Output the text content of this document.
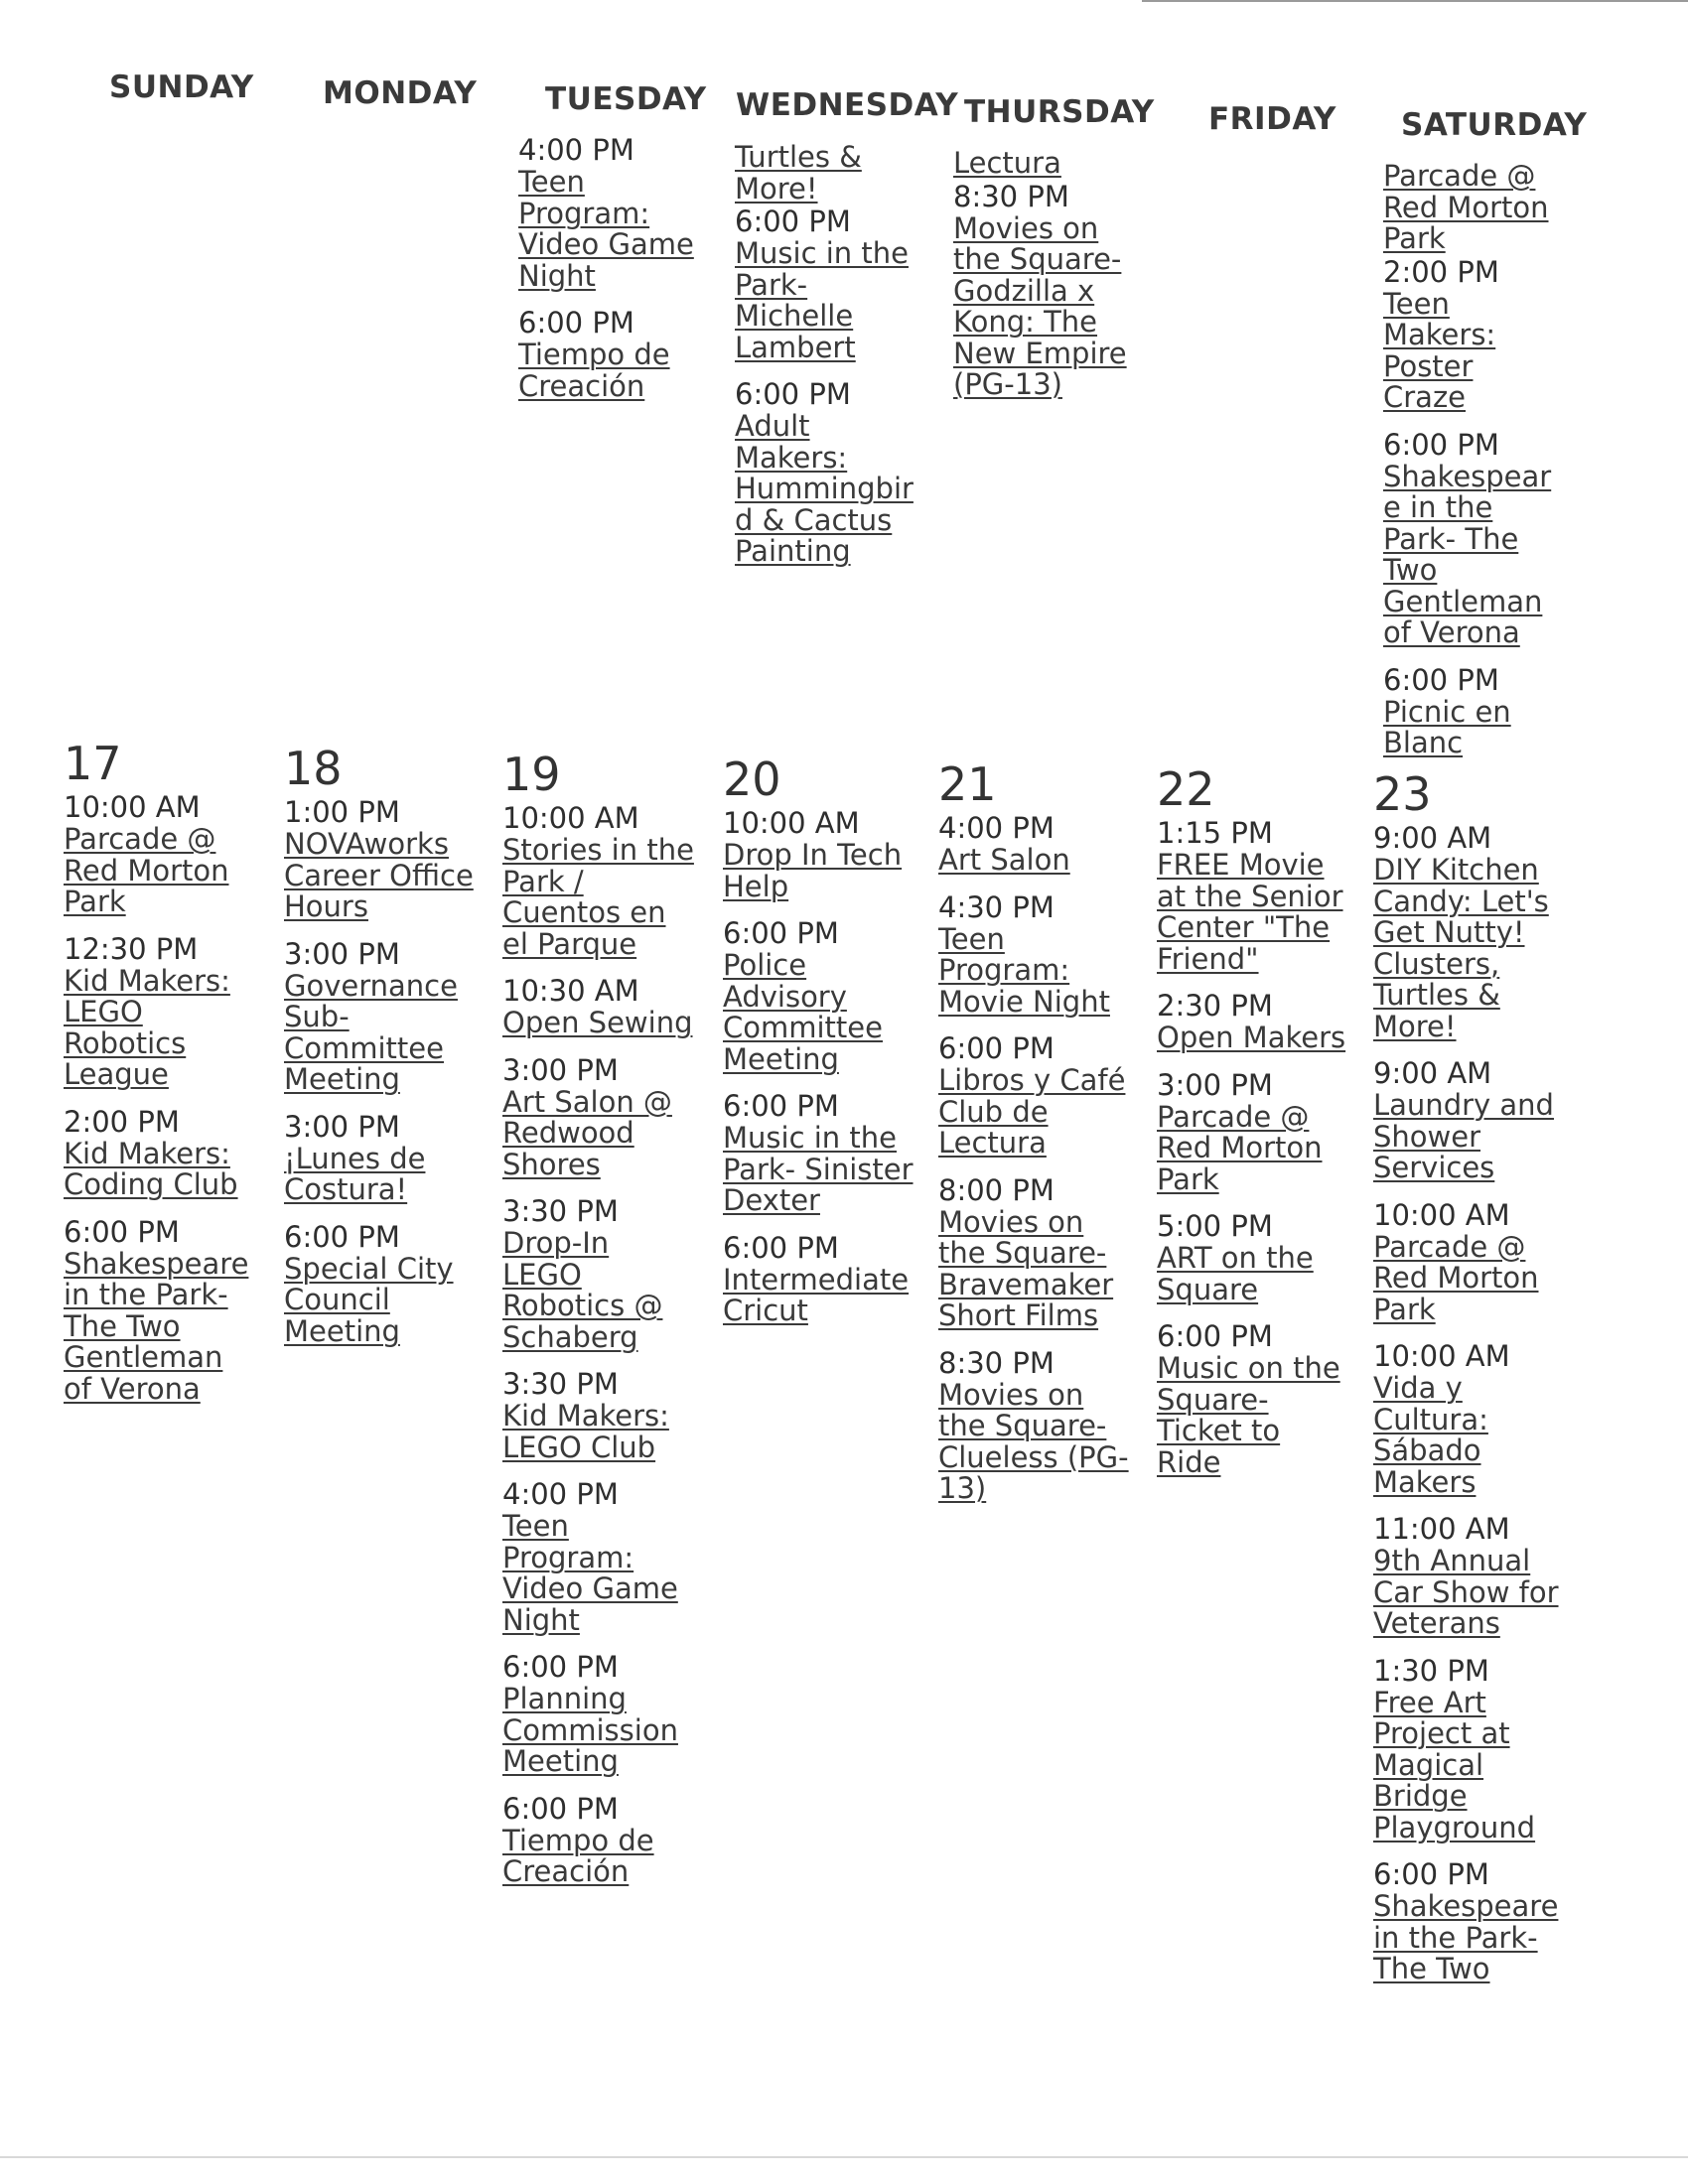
SUNDAY MONDAY TUESDAY WEDNESDAY THURSDAY FRIDAY SATURDAY
4:00 PM
Teen Program: Video Game Night
6:00 PM
Tiempo de Creación
Turtles & More!
6:00 PM
Music in the Park- Michelle Lambert
6:00 PM
Adult Makers: Hummingbird & Cactus Painting
Lectura
8:30 PM
Movies on the Square- Godzilla x Kong: The New Empire (PG-13)
Parcade @ Red Morton Park
2:00 PM
Teen Makers: Poster Craze
6:00 PM
Shakespeare in the Park- The Two Gentleman of Verona
6:00 PM
Picnic en Blanc
17
10:00 AM
Parcade @ Red Morton Park
12:30 PM
Kid Makers: LEGO Robotics League
2:00 PM
Kid Makers: Coding Club
6:00 PM
Shakespeare in the Park- The Two Gentleman of Verona
18
1:00 PM
NOVAworks Career Office Hours
3:00 PM
Governance Sub-Committee Meeting
3:00 PM
¡Lunes de Costura!
6:00 PM
Special City Council Meeting
19
10:00 AM
Stories in the Park / Cuentos en el Parque
10:30 AM
Open Sewing
3:00 PM
Art Salon @ Redwood Shores
3:30 PM
Drop-In LEGO Robotics @ Schaberg
3:30 PM
Kid Makers: LEGO Club
4:00 PM
Teen Program: Video Game Night
6:00 PM
Planning Commission Meeting
6:00 PM
Tiempo de Creación
20
10:00 AM
Drop In Tech Help
6:00 PM
Police Advisory Committee Meeting
6:00 PM
Music in the Park- Sinister Dexter
6:00 PM
Intermediate Cricut
21
4:00 PM
Art Salon
4:30 PM
Teen Program: Movie Night
6:00 PM
Libros y Café Club de Lectura
8:00 PM
Movies on the Square- Bravemaker Short Films
8:30 PM
Movies on the Square- Clueless (PG-13)
22
1:15 PM
FREE Movie at the Senior Center "The Friend"
2:30 PM
Open Makers
3:00 PM
Parcade @ Red Morton Park
5:00 PM
ART on the Square
6:00 PM
Music on the Square- Ticket to Ride
23
9:00 AM
DIY Kitchen Candy: Let's Get Nutty! Clusters, Turtles & More!
9:00 AM
Laundry and Shower Services
10:00 AM
Parcade @ Red Morton Park
10:00 AM
Vida y Cultura: Sábado Makers
11:00 AM
9th Annual Car Show for Veterans
1:30 PM
Free Art Project at Magical Bridge Playground
6:00 PM
Shakespeare in the Park- The Two
